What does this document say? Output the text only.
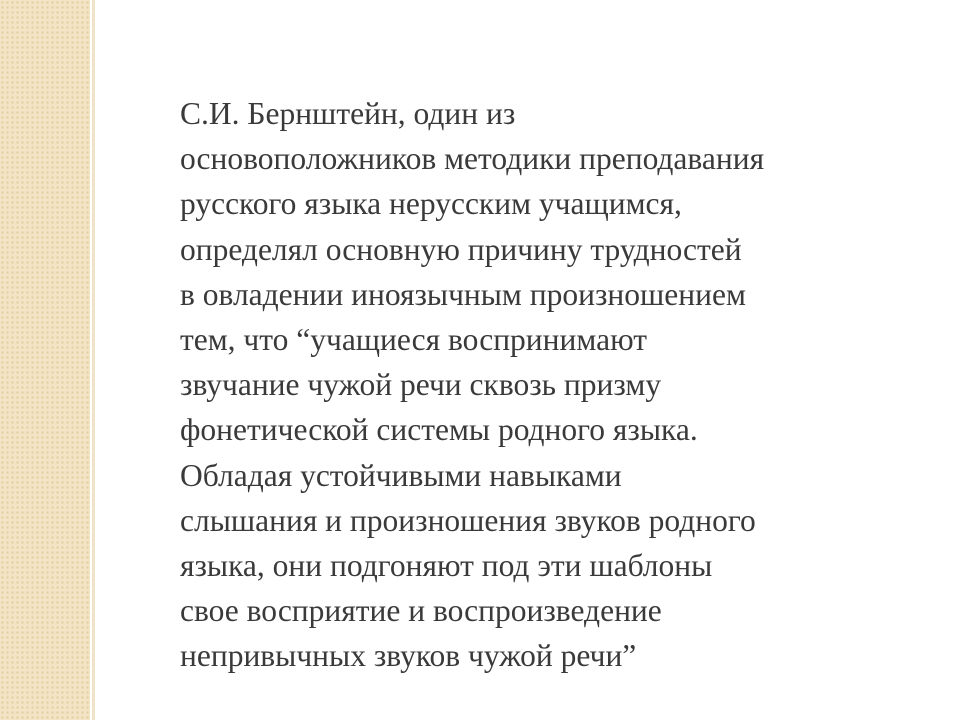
С.И. Бернштейн, один из
основоположников методики преподавания
русского языка нерусским учащимся,
определял основную причину трудностей
в овладении иноязычным произношением
тем, что “учащиеся воспринимают
звучание чужой речи сквозь призму
фонетической системы родного языка.
Обладая устойчивыми навыками
слышания и произношения звуков родного
языка, они подгоняют под эти шаблоны
свое восприятие и воспроизведение
непривычных звуков чужой речи”
